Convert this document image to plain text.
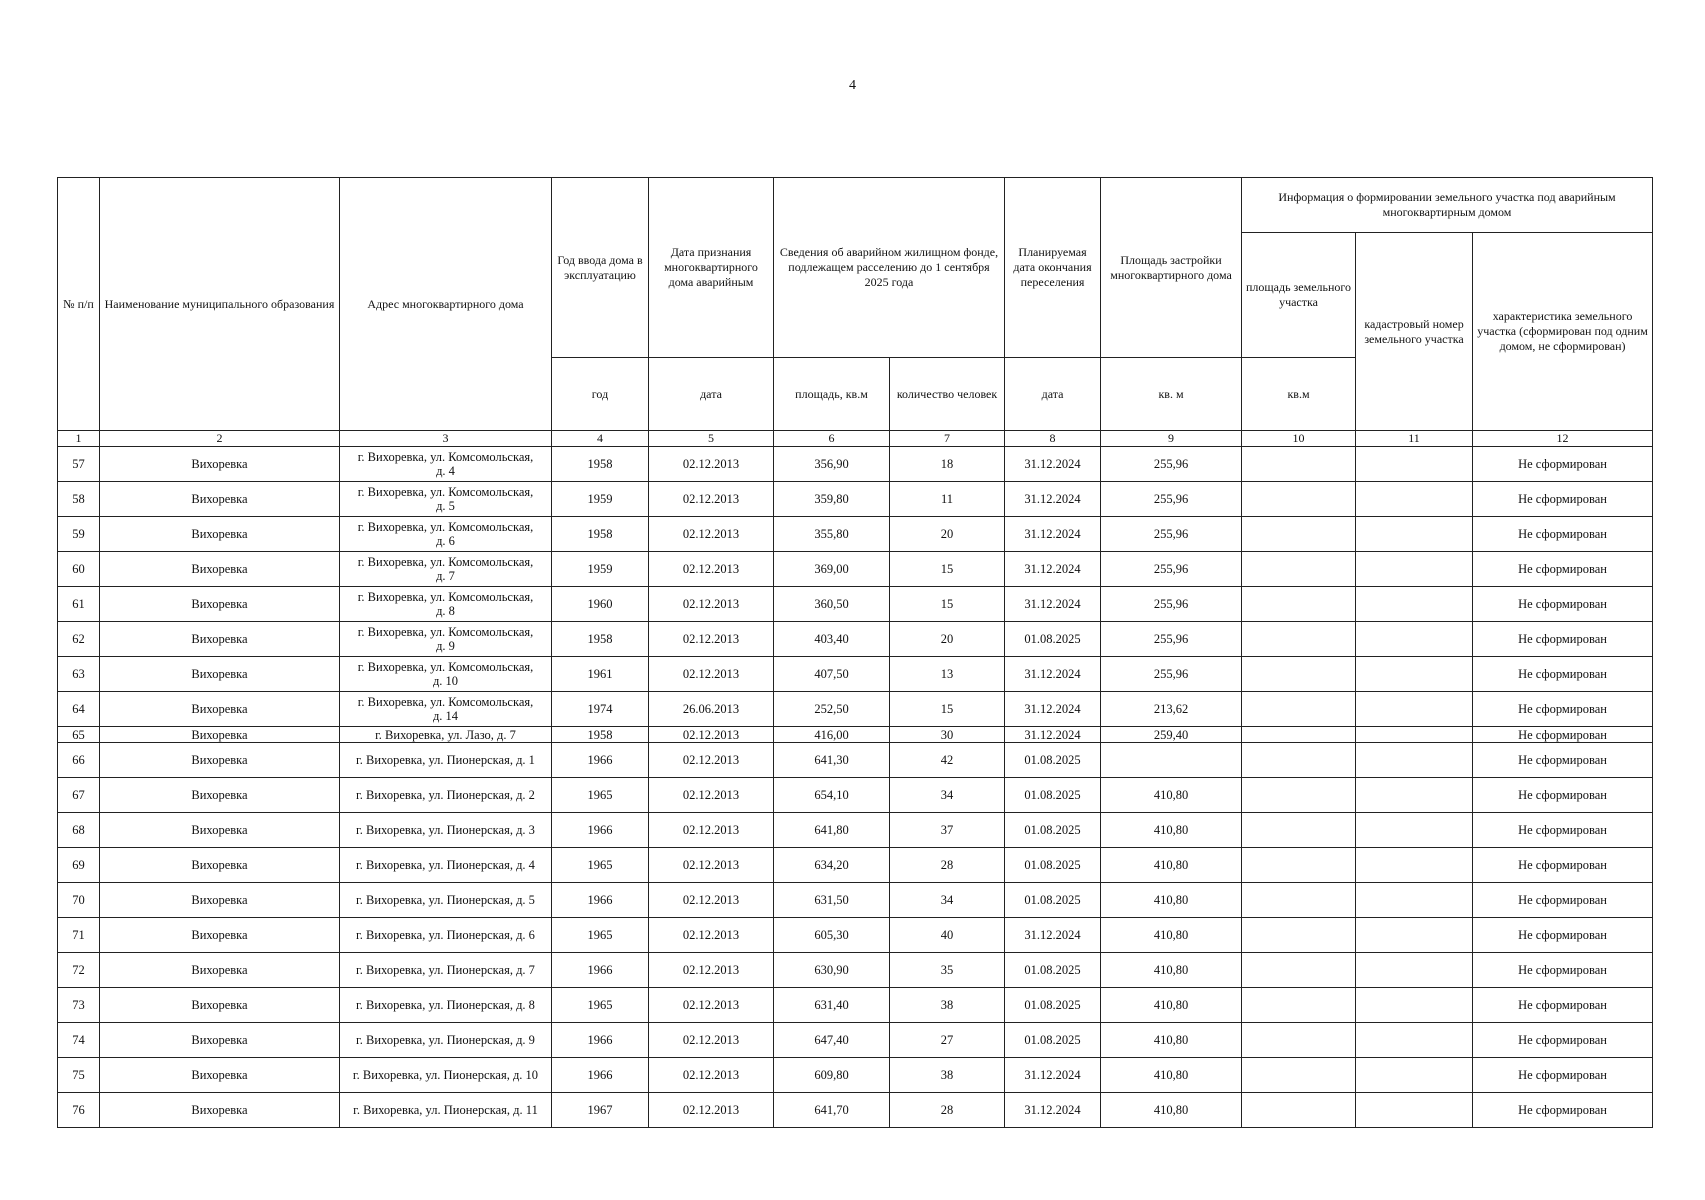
4
№ п/п	Наименование муниципального образования	Адрес многоквартирного дома	Год ввода дома в эксплуатацию	Дата признания многоквартирного дома аварийным	Сведения об аварийном жилищном фонде, подлежащем расселению до 1 сентября 2025 года		Планируемая дата окончания переселения	Площадь застройки многоквартирного дома	Информация о формировании земельного участка под аварийным многоквартирным домом		
									площадь земельного участка	кадастровый номер земельного участка	характеристика земельного участка (сформирован под одним домом, не сформирован)
			год	дата	площадь, кв.м	количество человек	дата	кв. м	кв.м		
1	2	3	4	5	6	7	8	9	10	11	12
57	Вихоревка	г. Вихоревка, ул. Комсомольская,
д. 4	1958	02.12.2013	356,90	18	31.12.2024	255,96			Не сформирован
58	Вихоревка	г. Вихоревка, ул. Комсомольская,
д. 5	1959	02.12.2013	359,80	11	31.12.2024	255,96			Не сформирован
59	Вихоревка	г. Вихоревка, ул. Комсомольская,
д. 6	1958	02.12.2013	355,80	20	31.12.2024	255,96			Не сформирован
60	Вихоревка	г. Вихоревка, ул. Комсомольская,
д. 7	1959	02.12.2013	369,00	15	31.12.2024	255,96			Не сформирован
61	Вихоревка	г. Вихоревка, ул. Комсомольская,
д. 8	1960	02.12.2013	360,50	15	31.12.2024	255,96			Не сформирован
62	Вихоревка	г. Вихоревка, ул. Комсомольская,
д. 9	1958	02.12.2013	403,40	20	01.08.2025	255,96			Не сформирован
63	Вихоревка	г. Вихоревка, ул. Комсомольская,
д. 10	1961	02.12.2013	407,50	13	31.12.2024	255,96			Не сформирован
64	Вихоревка	г. Вихоревка, ул. Комсомольская,
д. 14	1974	26.06.2013	252,50	15	31.12.2024	213,62			Не сформирован
65	Вихоревка	г. Вихоревка, ул. Лазо, д. 7	1958	02.12.2013	416,00	30	31.12.2024	259,40			Не сформирован
66	Вихоревка	г. Вихоревка, ул. Пионерская, д. 1	1966	02.12.2013	641,30	42	01.08.2025				Не сформирован
67	Вихоревка	г. Вихоревка, ул. Пионерская, д. 2	1965	02.12.2013	654,10	34	01.08.2025	410,80			Не сформирован
68	Вихоревка	г. Вихоревка, ул. Пионерская, д. 3	1966	02.12.2013	641,80	37	01.08.2025	410,80			Не сформирован
69	Вихоревка	г. Вихоревка, ул. Пионерская, д. 4	1965	02.12.2013	634,20	28	01.08.2025	410,80			Не сформирован
70	Вихоревка	г. Вихоревка, ул. Пионерская, д. 5	1966	02.12.2013	631,50	34	01.08.2025	410,80			Не сформирован
71	Вихоревка	г. Вихоревка, ул. Пионерская, д. 6	1965	02.12.2013	605,30	40	31.12.2024	410,80			Не сформирован
72	Вихоревка	г. Вихоревка, ул. Пионерская, д. 7	1966	02.12.2013	630,90	35	01.08.2025	410,80			Не сформирован
73	Вихоревка	г. Вихоревка, ул. Пионерская, д. 8	1965	02.12.2013	631,40	38	01.08.2025	410,80			Не сформирован
74	Вихоревка	г. Вихоревка, ул. Пионерская, д. 9	1966	02.12.2013	647,40	27	01.08.2025	410,80			Не сформирован
75	Вихоревка	г. Вихоревка, ул. Пионерская, д. 10	1966	02.12.2013	609,80	38	31.12.2024	410,80			Не сформирован
76	Вихоревка	г. Вихоревка, ул. Пионерская, д. 11	1967	02.12.2013	641,70	28	31.12.2024	410,80			Не сформирован
